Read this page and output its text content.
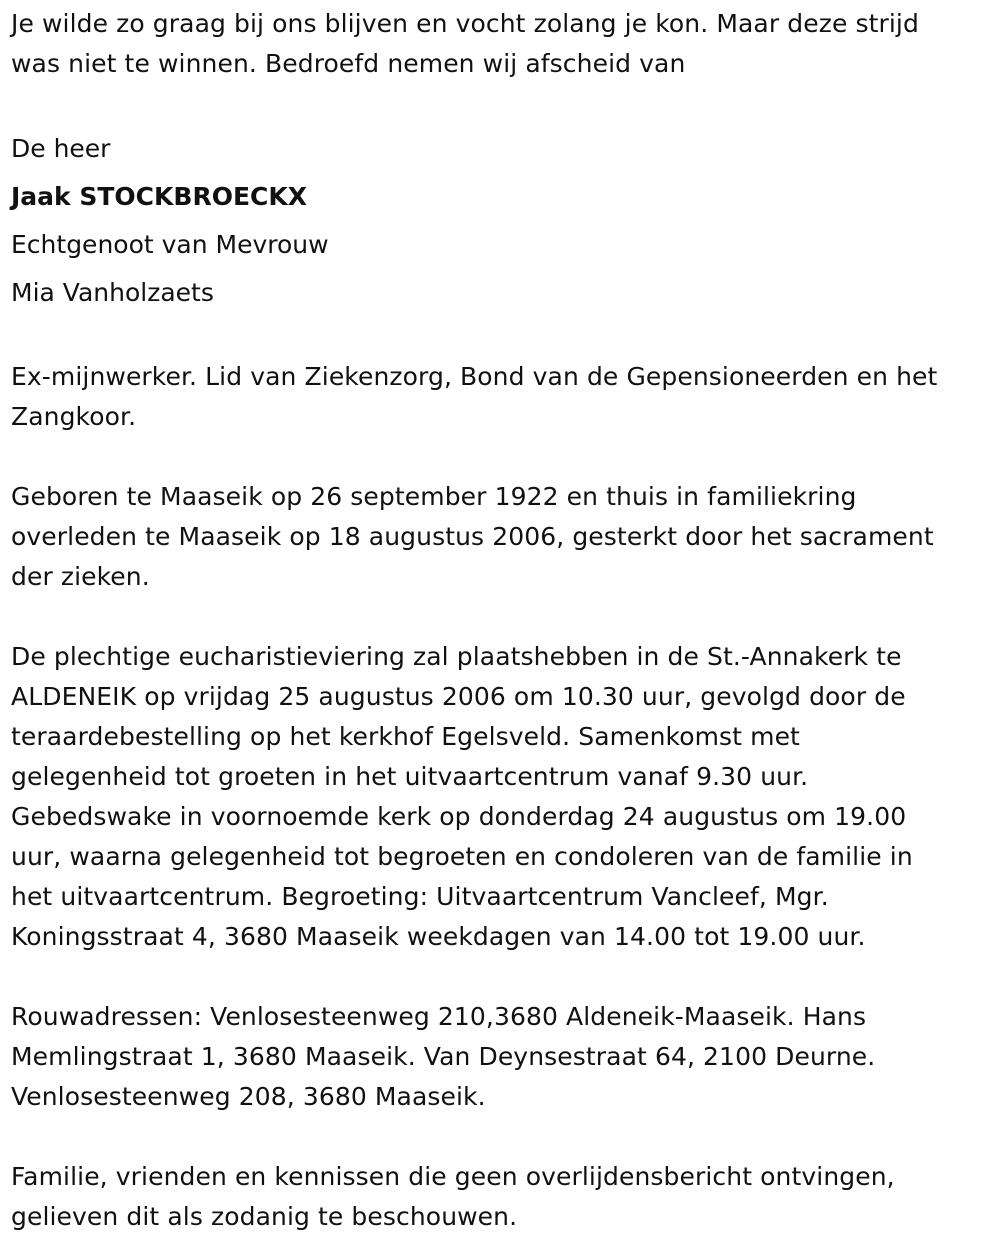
Je wilde zo graag bij ons blijven en vocht zolang je kon. Maar deze strijd
was niet te winnen. Bedroefd nemen wij afscheid van

De heer

Jaak STOCKBROECKX

Echtgenoot van Mevrouw

Mia Vanholzaets

Ex-mijnwerker. Lid van Ziekenzorg, Bond van de Gepensioneerden en het
Zangkoor.

Geboren te Maaseik op 26 september 1922 en thuis in familiekring
overleden te Maaseik op 18 augustus 2006, gesterkt door het sacrament
der zieken.

De plechtige eucharistieviering zal plaatshebben in de St.-Annakerk te
ALDENEIK op vrijdag 25 augustus 2006 om 10.30 uur, gevolgd door de
teraardebestelling op het kerkhof Egelsveld. Samenkomst met
gelegenheid tot groeten in het uitvaartcentrum vanaf 9.30 uur.
Gebedswake in voornoemde kerk op donderdag 24 augustus om 19.00
uur, waarna gelegenheid tot begroeten en condoleren van de familie in
het uitvaartcentrum. Begroeting: Uitvaartcentrum Vancleef, Mgr.
Koningsstraat 4, 3680 Maaseik weekdagen van 14.00 tot 19.00 uur.

Rouwadressen: Venlosesteenweg 210,3680 Aldeneik-Maaseik. Hans
Memlingstraat 1, 3680 Maaseik. Van Deynsestraat 64, 2100 Deurne.
Venlosesteenweg 208, 3680 Maaseik.

Familie, vrienden en kennissen die geen overlijdensbericht ontvingen,
gelieven dit als zodanig te beschouwen.
